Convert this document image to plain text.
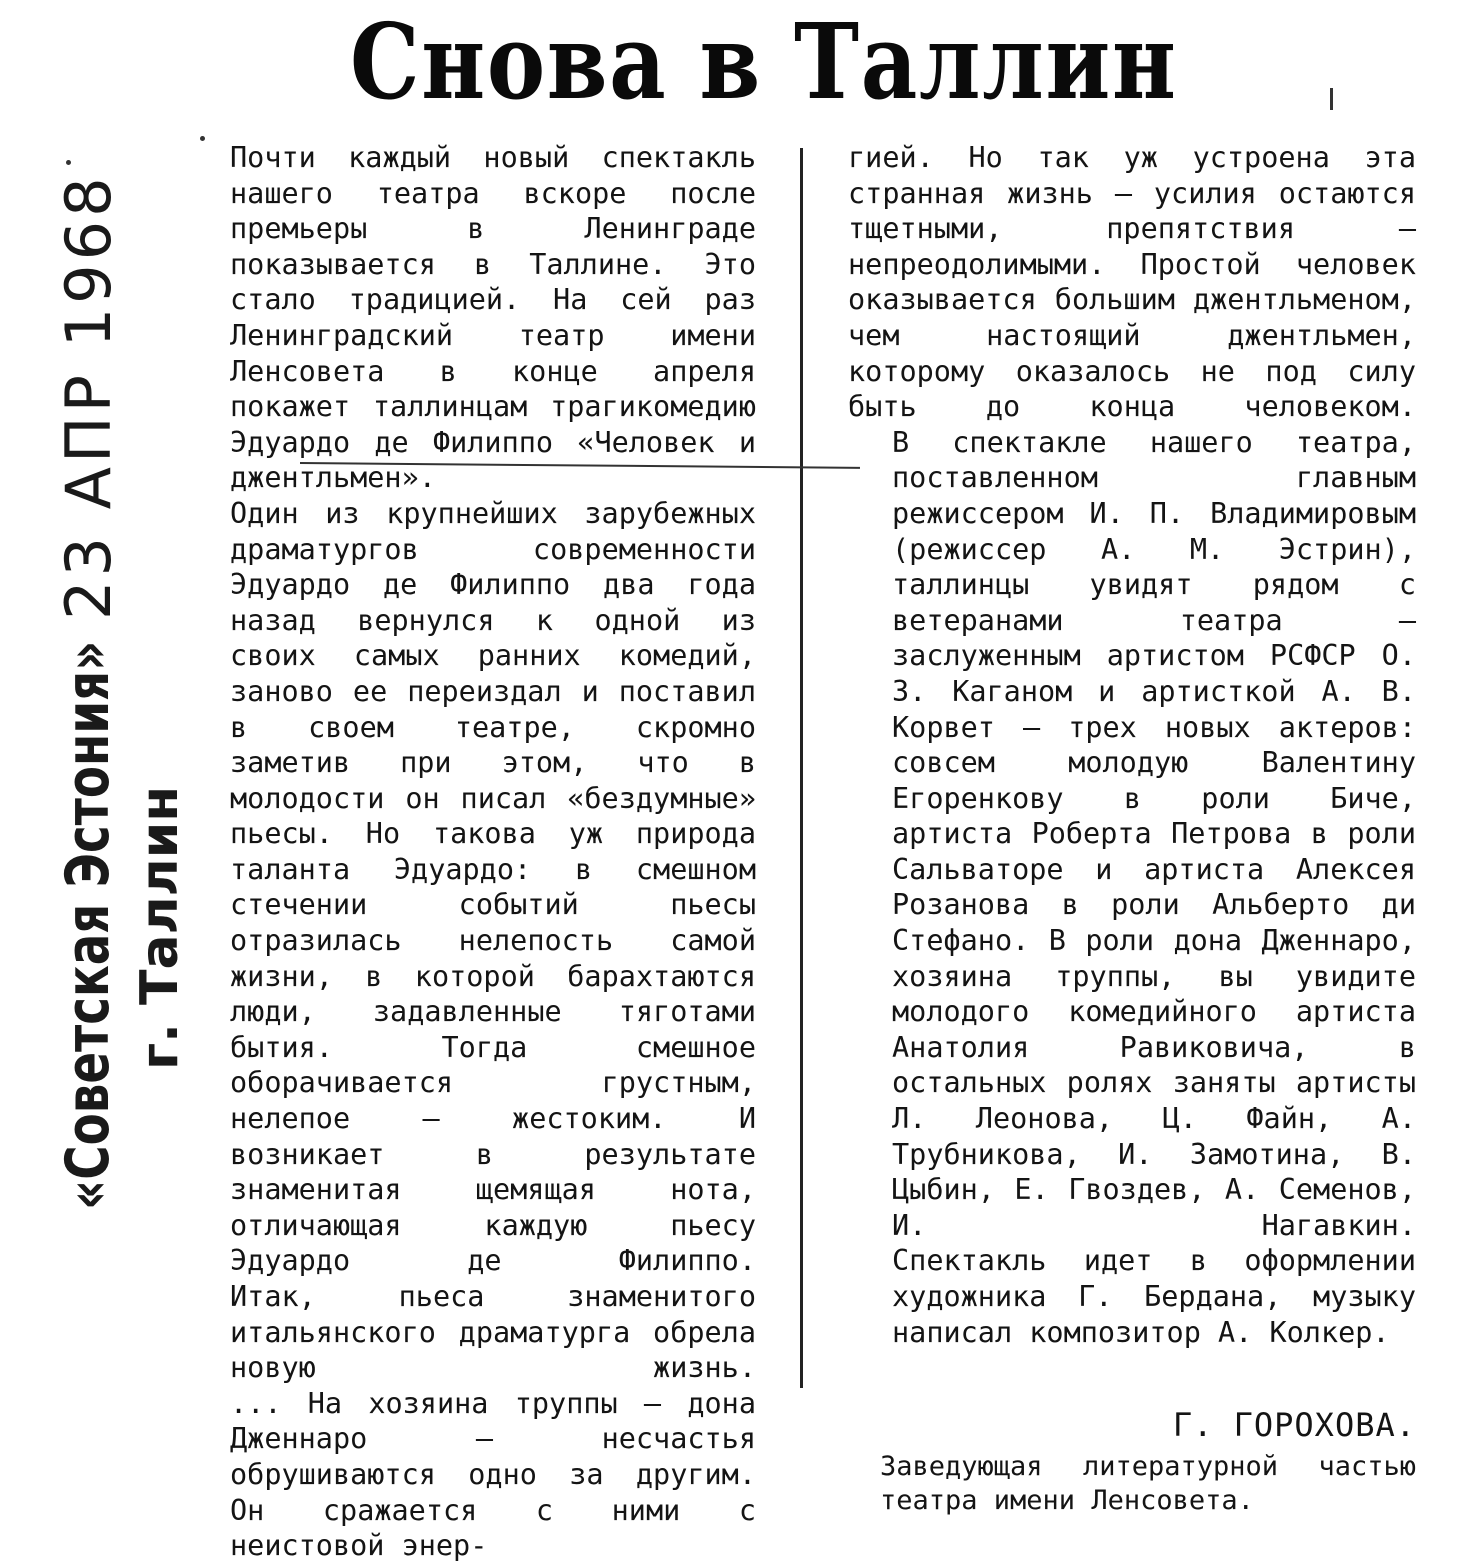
Снова в Таллин
«Советская Эстония»
23 АПР 1968
г. Таллин

Почти каждый новый спектакль нашего театра вскоре после премьеры в Ленинграде показывается в Таллине. Это стало традицией. На сей раз Ленинградский театр имени Ленсовета в конце апреля покажет таллинцам трагикомедию Эдуардо де Филиппо «Человек и джентльмен».

Один из крупнейших зарубежных драматургов современности Эдуардо де Филиппо два года назад вернулся к одной из своих самых ранних комедий, заново ее переиздал и поставил в своем театре, скромно заметив при этом, что в молодости он писал «бездумные» пьесы. Но такова уж природа таланта Эдуардо: в смешном стечении событий пьесы отразилась нелепость самой жизни, в которой барахтаются люди, задавленные тяготами бытия. Тогда смешное оборачивается грустным, нелепое — жестоким. И возникает в результате знаменитая щемящая нота, отличающая каждую пьесу Эдуардо де Филиппо.

Итак, пьеса знаменитого итальянского драматурга обрела новую жизнь.

... На хозяина труппы — дона Дженнаро — несчастья обрушиваются одно за другим. Он сражается с ними с неистовой энер-

гией. Но так уж устроена эта странная жизнь — усилия остаются тщетными, препятствия — непреодолимыми. Простой человек оказывается большим джентльменом, чем настоящий джентльмен, которому оказалось не под силу быть до конца человеком.

В спектакле нашего театра, поставленном главным режиссером И. П. Владимировым (режиссер А. М. Эстрин), таллинцы увидят рядом с ветеранами театра — заслуженным артистом РСФСР О. З. Каганом и артисткой А. В. Корвет — трех новых актеров: совсем молодую Валентину Егоренкову в роли Биче, артиста Роберта Петрова в роли Сальваторе и артиста Алексея Розанова в роли Альберто ди Стефано. В роли дона Дженнаро, хозяина труппы, вы увидите молодого комедийного артиста Анатолия Равиковича, в остальных ролях заняты артисты Л. Леонова, Ц. Файн, А. Трубникова, И. Замотина, В. Цыбин, Е. Гвоздев, А. Семенов, И. Нагавкин.

Спектакль идет в оформлении художника Г. Бердана, музыку написал композитор А. Колкер.

Г. ГОРОХОВА.
Заведующая литературной частью театра имени Ленсовета.
